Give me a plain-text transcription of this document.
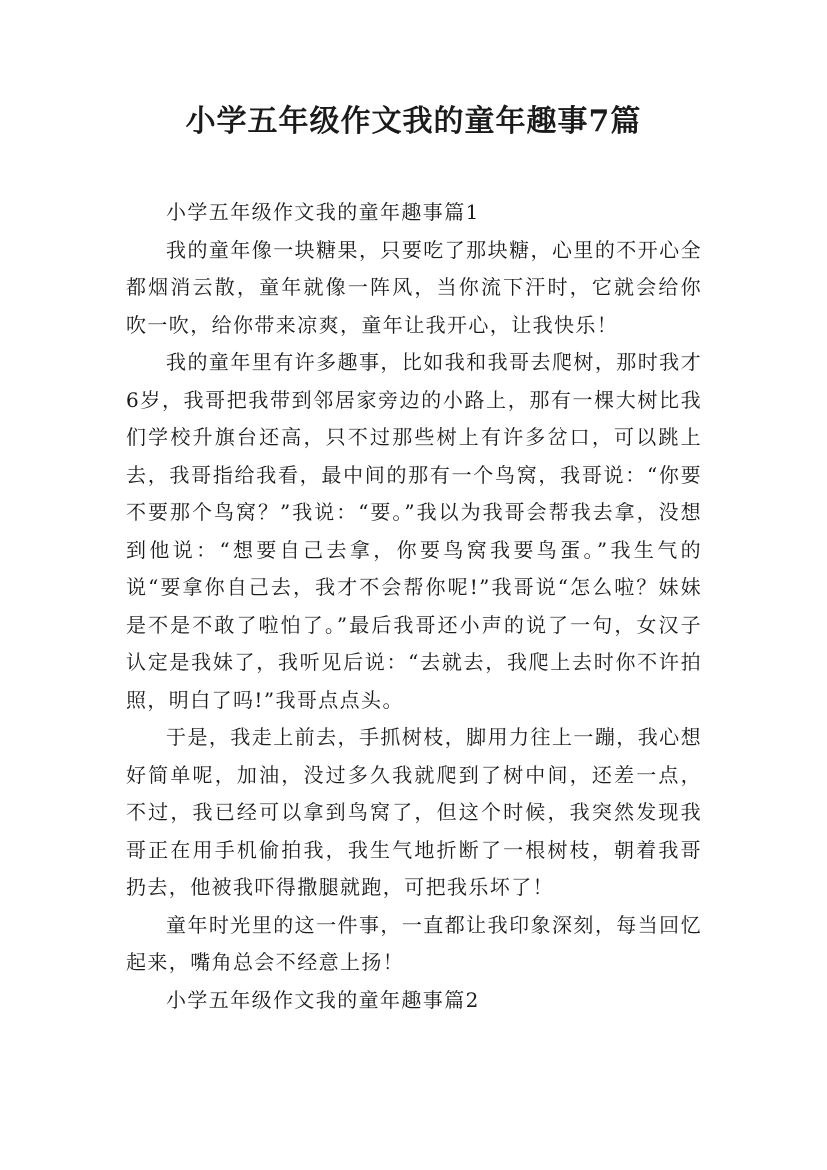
小学五年级作文我的童年趣事7篇

小学五年级作文我的童年趣事篇1

我的童年像一块糖果，只要吃了那块糖，心里的不开心全都烟消云散，童年就像一阵风，当你流下汗时，它就会给你吹一吹，给你带来凉爽，童年让我开心，让我快乐！

我的童年里有许多趣事，比如我和我哥去爬树，那时我才6岁，我哥把我带到邻居家旁边的小路上，那有一棵大树比我们学校升旗台还高，只不过那些树上有许多岔口，可以跳上去，我哥指给我看，最中间的那有一个鸟窝，我哥说：“你要不要那个鸟窝？”我说：“要。”我以为我哥会帮我去拿，没想到他说：“想要自己去拿，你要鸟窝我要鸟蛋。”我生气的说“要拿你自己去，我才不会帮你呢!”我哥说“怎么啦？妹妹是不是不敢了啦怕了。”最后我哥还小声的说了一句，女汉子认定是我妹了，我听见后说：“去就去，我爬上去时你不许拍照，明白了吗!”我哥点点头。

于是，我走上前去，手抓树枝，脚用力往上一蹦，我心想好简单呢，加油，没过多久我就爬到了树中间，还差一点，不过，我已经可以拿到鸟窝了，但这个时候，我突然发现我哥正在用手机偷拍我，我生气地折断了一根树枝，朝着我哥扔去，他被我吓得撒腿就跑，可把我乐坏了！

童年时光里的这一件事，一直都让我印象深刻，每当回忆起来，嘴角总会不经意上扬！

小学五年级作文我的童年趣事篇2
